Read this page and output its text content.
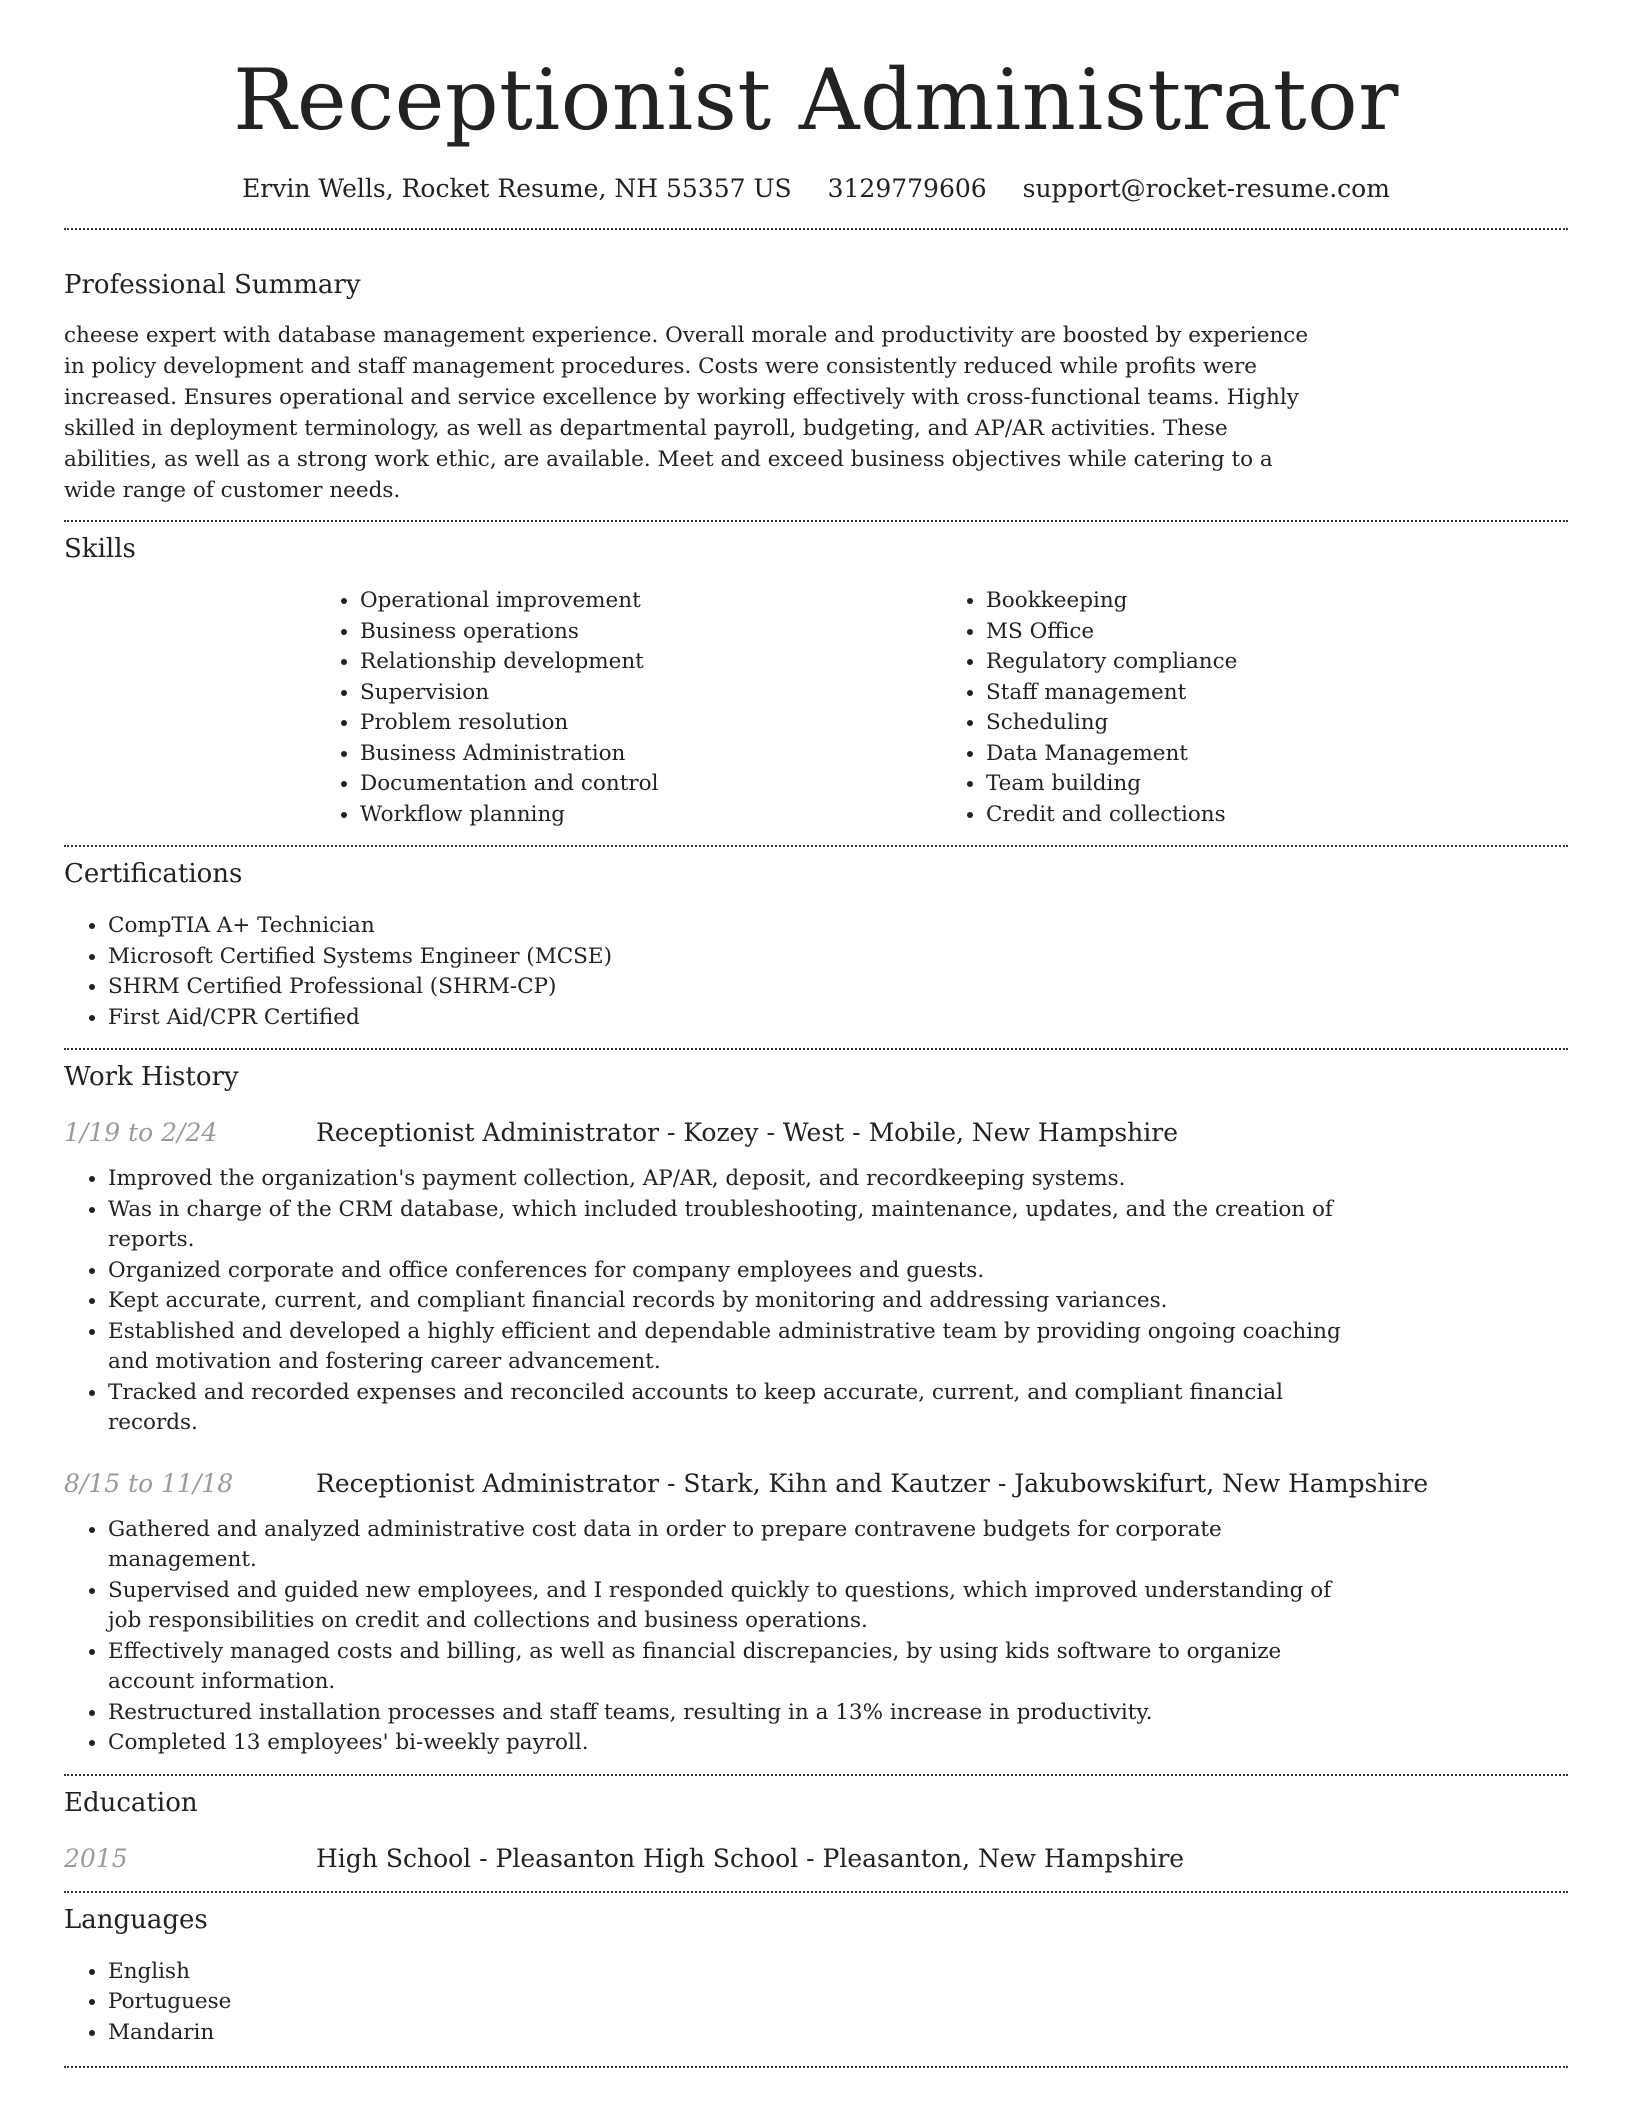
Receptionist Administrator
Ervin Wells, Rocket Resume, NH 55357 US 3129779606 support@rocket-resume.com
Professional Summary

cheese expert with database management experience. Overall morale and productivity are boosted by experience in policy development and staff management procedures. Costs were consistently reduced while profits were increased. Ensures operational and service excellence by working effectively with cross-functional teams. Highly skilled in deployment terminology, as well as departmental payroll, budgeting, and AP/AR activities. These abilities, as well as a strong work ethic, are available. Meet and exceed business objectives while catering to a wide range of customer needs.

Skills
• Operational improvement
• Business operations
• Relationship development
• Supervision
• Problem resolution
• Business Administration
• Documentation and control
• Workflow planning
• Bookkeeping
• MS Office
• Regulatory compliance
• Staff management
• Scheduling
• Data Management
• Team building
• Credit and collections
Certifications
• CompTIA A+ Technician
• Microsoft Certified Systems Engineer (MCSE)
• SHRM Certified Professional (SHRM-CP)
• First Aid/CPR Certified
Work History
1/19 to 2/24	Receptionist Administrator - Kozey - West - Mobile, New Hampshire
• Improved the organization's payment collection, AP/AR, deposit, and recordkeeping systems.
• Was in charge of the CRM database, which included troubleshooting, maintenance, updates, and the creation of reports.
• Organized corporate and office conferences for company employees and guests.
• Kept accurate, current, and compliant financial records by monitoring and addressing variances.
• Established and developed a highly efficient and dependable administrative team by providing ongoing coaching and motivation and fostering career advancement.
• Tracked and recorded expenses and reconciled accounts to keep accurate, current, and compliant financial records.
8/15 to 11/18	Receptionist Administrator - Stark, Kihn and Kautzer - Jakubowskifurt, New Hampshire
• Gathered and analyzed administrative cost data in order to prepare contravene budgets for corporate management.
• Supervised and guided new employees, and I responded quickly to questions, which improved understanding of job responsibilities on credit and collections and business operations.
• Effectively managed costs and billing, as well as financial discrepancies, by using kids software to organize account information.
• Restructured installation processes and staff teams, resulting in a 13% increase in productivity.
• Completed 13 employees' bi-weekly payroll.
Education
2015	High School - Pleasanton High School - Pleasanton, New Hampshire
Languages
• English
• Portuguese
• Mandarin
